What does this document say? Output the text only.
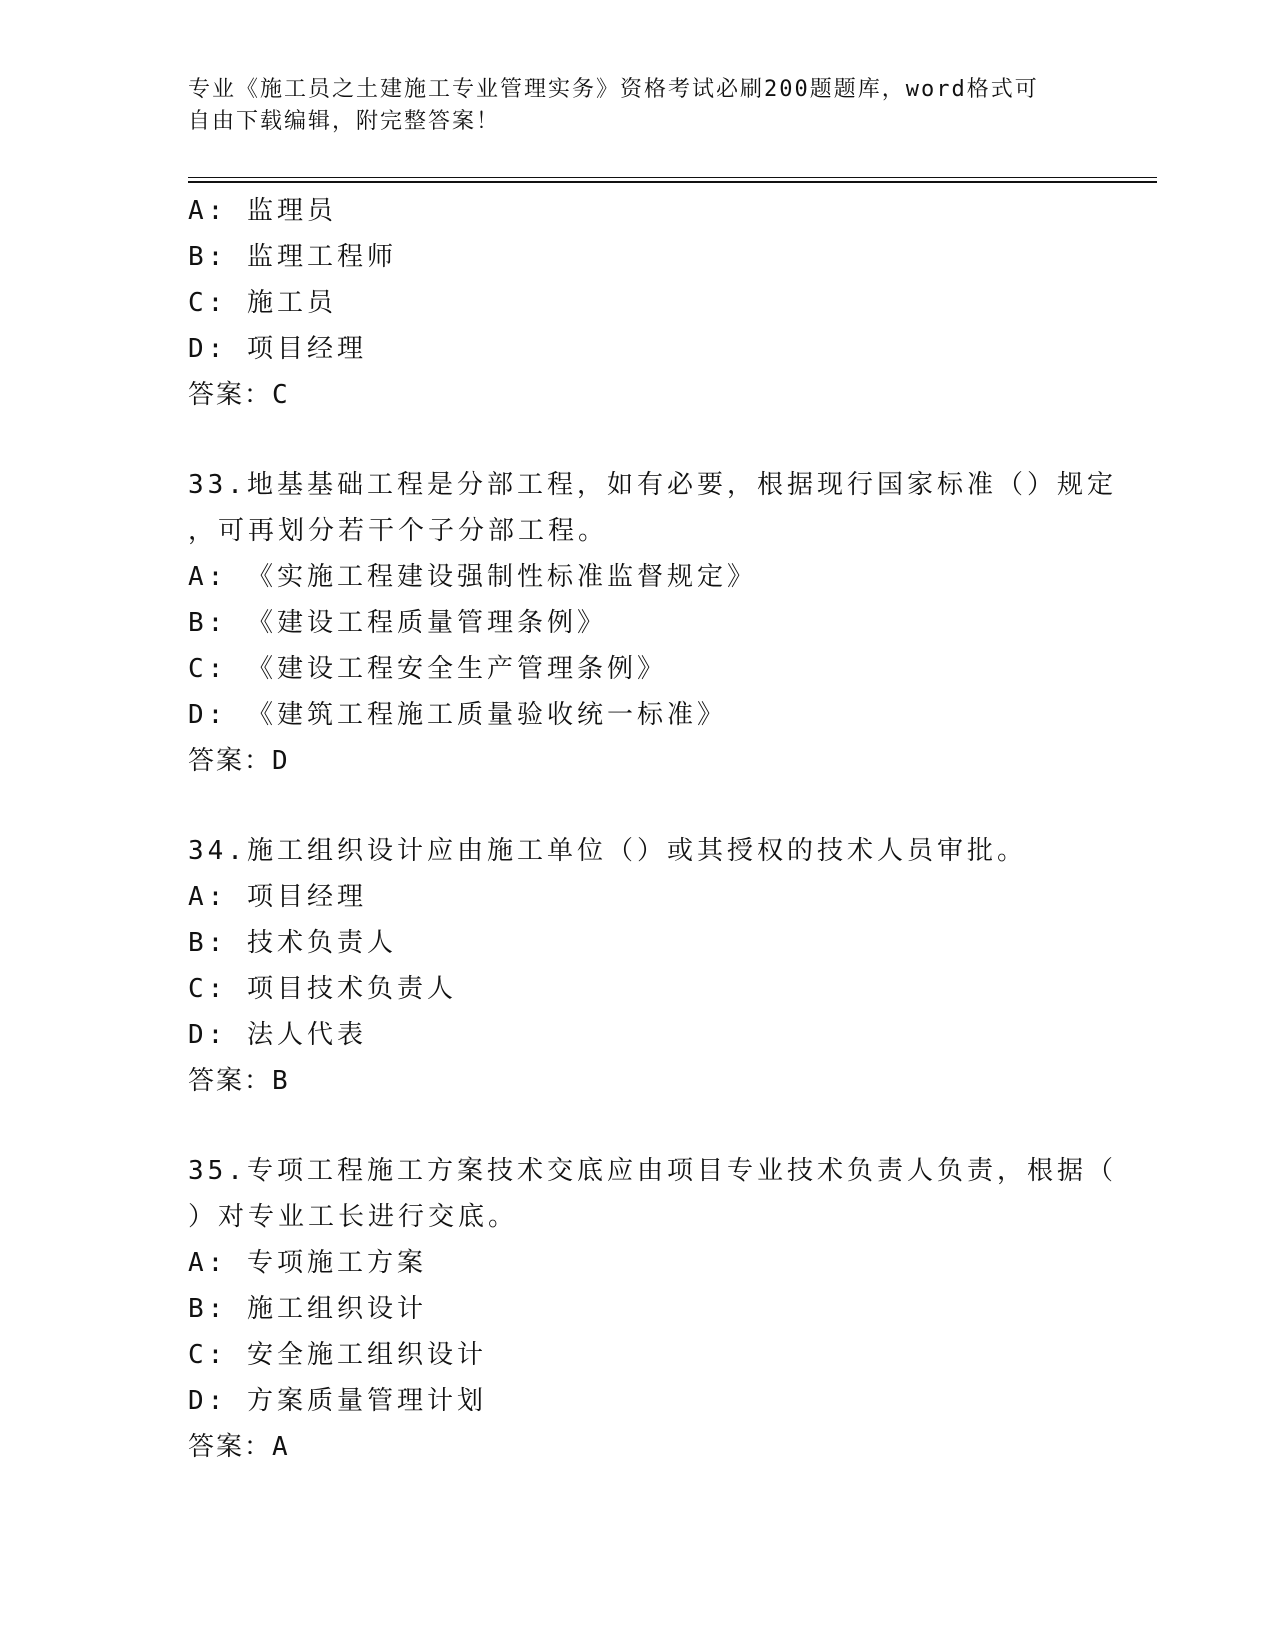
专业《施工员之土建施工专业管理实务》资格考试必刷200题题库，word格式可
自由下载编辑，附完整答案！
A: 监理员
B: 监理工程师
C: 施工员
D: 项目经理
答案：C
33.地基基础工程是分部工程，如有必要，根据现行国家标准（）规定
，可再划分若干个子分部工程。
A: 《实施工程建设强制性标准监督规定》
B: 《建设工程质量管理条例》
C: 《建设工程安全生产管理条例》
D: 《建筑工程施工质量验收统一标准》
答案：D
34.施工组织设计应由施工单位（）或其授权的技术人员审批。
A: 项目经理
B: 技术负责人
C: 项目技术负责人
D: 法人代表
答案：B
35.专项工程施工方案技术交底应由项目专业技术负责人负责，根据（
）对专业工长进行交底。
A: 专项施工方案
B: 施工组织设计
C: 安全施工组织设计
D: 方案质量管理计划
答案：A
